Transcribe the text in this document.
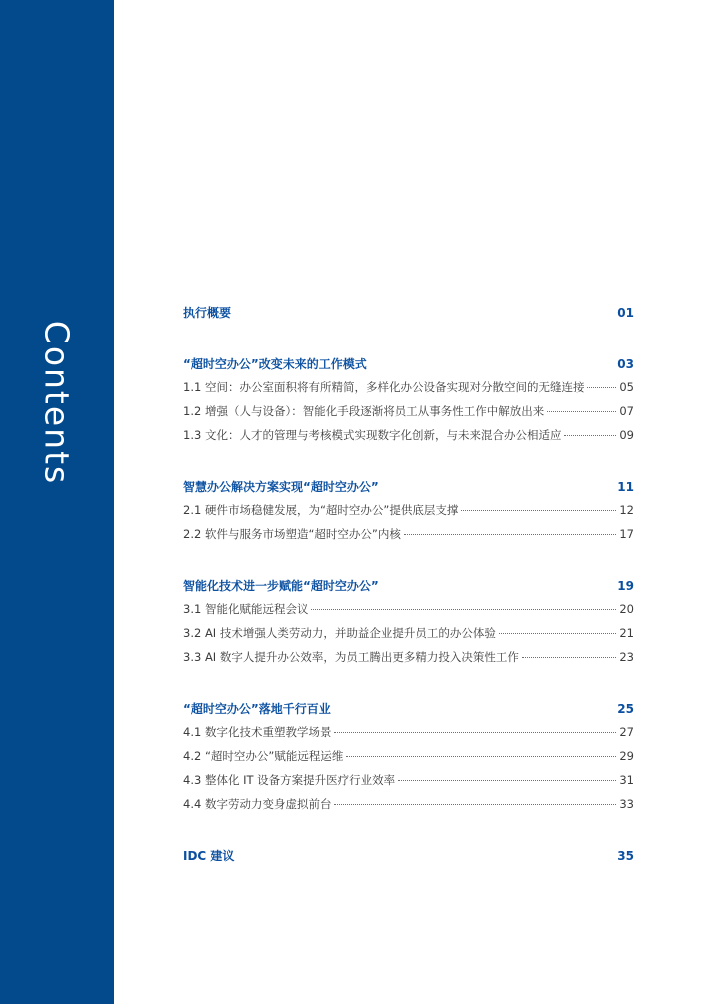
Contents
执行概要	01
“超时空办公”改变未来的工作模式	03
1.1 空间：办公室面积将有所精简，多样化办公设备实现对分散空间的无缝连接	05
1.2 增强（人与设备）：智能化手段逐渐将员工从事务性工作中解放出来	07
1.3 文化：人才的管理与考核模式实现数字化创新，与未来混合办公相适应	09
智慧办公解决方案实现“超时空办公”	11
2.1 硬件市场稳健发展，为“超时空办公”提供底层支撑	12
2.2 软件与服务市场塑造“超时空办公”内核	17
智能化技术进一步赋能“超时空办公”	19
3.1 智能化赋能远程会议	20
3.2 AI 技术增强人类劳动力，并助益企业提升员工的办公体验	21
3.3 AI 数字人提升办公效率，为员工腾出更多精力投入决策性工作	23
“超时空办公”落地千行百业	25
4.1 数字化技术重塑教学场景	27
4.2 “超时空办公”赋能远程运维	29
4.3 整体化 IT 设备方案提升医疗行业效率	31
4.4 数字劳动力变身虚拟前台	33
IDC 建议	35
